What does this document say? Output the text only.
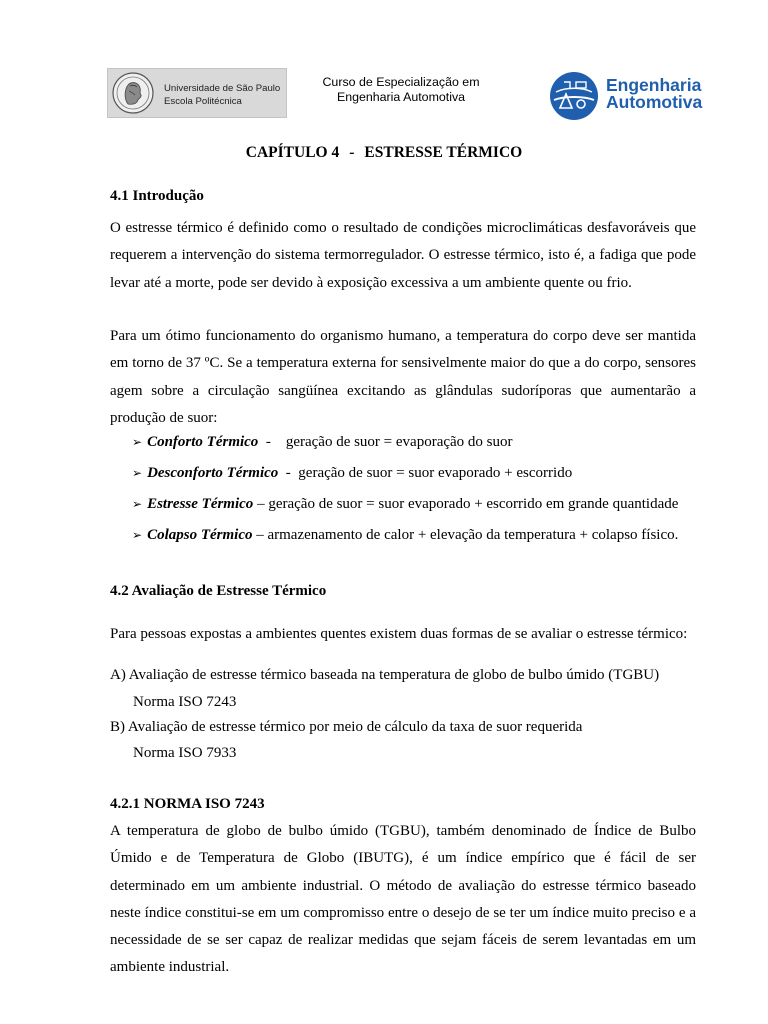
Universidade de São Paulo
Escola Politécnica
Curso de Especialização em
Engenharia Automotiva
Engenharia
Automotiva
CAPÍTULO 4 - ESTRESSE TÉRMICO
4.1 Introdução

O estresse térmico é definido como o resultado de condições microclimáticas desfavoráveis que requerem a intervenção do sistema termorregulador. O estresse térmico, isto é, a fadiga que pode levar até a morte, pode ser devido à exposição excessiva a um ambiente quente ou frio.

Para um ótimo funcionamento do organismo humano, a temperatura do corpo deve ser mantida em torno de 37 ºC. Se a temperatura externa for sensivelmente maior do que a do corpo, sensores agem sobre a circulação sangüínea excitando as glândulas sudoríporas que aumentarão a produção de suor:

➢ Conforto Térmico  -    geração de suor = evaporação do suor
➢ Desconforto Térmico  -  geração de suor = suor evaporado + escorrido
➢ Estresse Térmico – geração de suor = suor evaporado + escorrido em grande quantidade
➢ Colapso Térmico – armazenamento de calor + elevação da temperatura + colapso físico.
4.2 Avaliação de Estresse Térmico

Para pessoas expostas a ambientes quentes existem duas formas de se avaliar o estresse térmico:

A) Avaliação de estresse térmico baseada na temperatura de globo de bulbo úmido (TGBU)
Norma ISO 7243
B) Avaliação de estresse térmico por meio de cálculo da taxa de suor requerida
Norma ISO 7933
4.2.1 NORMA ISO 7243

A temperatura de globo de bulbo úmido (TGBU), também denominado de Índice de Bulbo Úmido e de Temperatura de Globo (IBUTG), é um índice empírico que é fácil de ser determinado em um ambiente industrial. O método de avaliação do estresse térmico baseado neste índice constitui-se em um compromisso entre o desejo de se ter um índice muito preciso e a necessidade de se ser capaz de realizar medidas que sejam fáceis de serem levantadas em um ambiente industrial.
